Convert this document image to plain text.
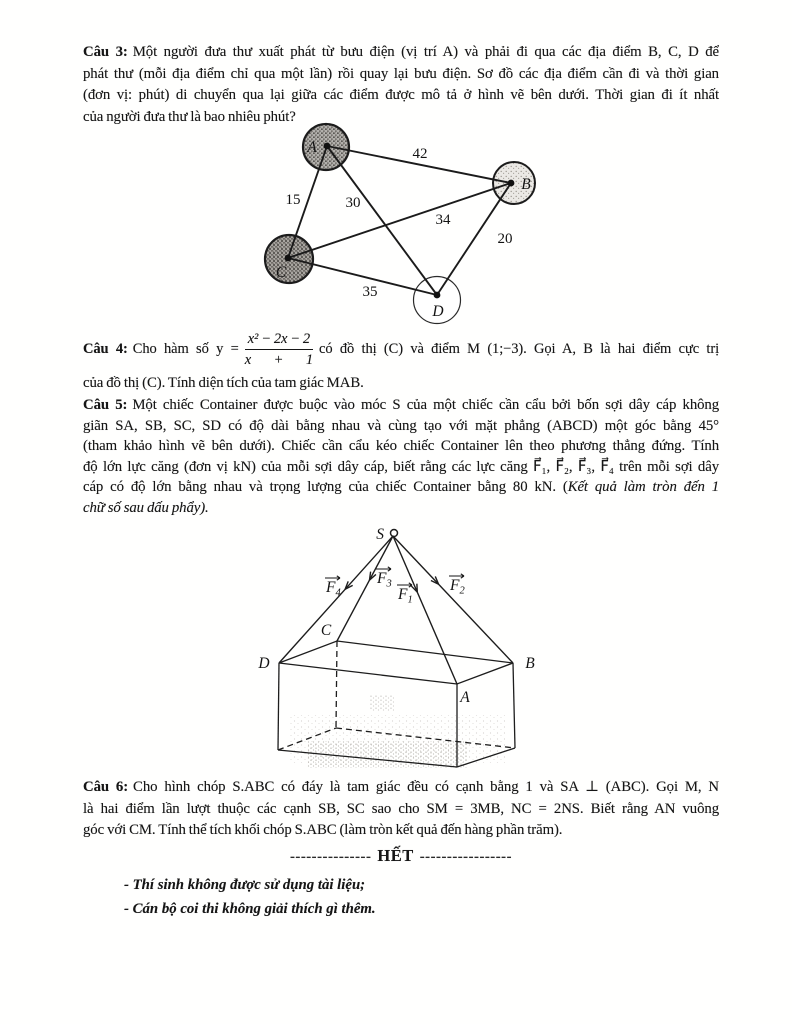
Câu 3: Một người đưa thư xuất phát từ bưu điện (vị trí A) và phải đi qua các địa điểm B, C, D để
phát thư (mỗi địa điểm chỉ qua một lần) rồi quay lại bưu điện. Sơ đồ các địa điểm cần đi và thời gian
(đơn vị: phút) di chuyển qua lại giữa các điểm được mô tả ở hình vẽ bên dưới. Thời gian đi ít nhất
của người đưa thư là bao nhiêu phút?
A
B
C
D
42
15	30
34
20
35
Câu 4: Cho hàm số $y = \frac{\text{x² − 2x − 2}}{x + 1}$ có đồ thị (C) và điểm M (1;−3). Gọi A, B là hai điểm cực trị
của đồ thị (C). Tính diện tích của tam giác MAB.
Câu 5: Một chiếc Container được buộc vào móc S của một chiếc cần cẩu bởi bốn sợi dây cáp không
giãn SA, SB, SC, SD có độ dài bằng nhau và cùng tạo với mặt phẳng (ABCD) một góc bằng 45°
(tham khảo hình vẽ bên dưới). Chiếc cần cẩu kéo chiếc Container lên theo phương thẳng đứng. Tính
độ lớn lực căng (đơn vị kN) của mỗi sợi dây cáp, biết rằng các lực căng F⃗₁, F⃗₂, F⃗₃, F⃗₄ trên mỗi sợi dây
cáp có độ lớn bằng nhau và trọng lượng của chiếc Container bằng 80 kN. (Kết quả làm tròn đến 1
chữ số sau dấu phẩy).
S
$F_4$
$F_3$
$F_1$
$F_2$
A
B
C
D
Câu 6: Cho hình chóp S.ABC có đáy là tam giác đều có cạnh bằng 1 và SA ⊥ (ABC). Gọi M, N
là hai điểm lần lượt thuộc các cạnh SB, SC sao cho SM = 3MB, NC = 2NS. Biết rằng AN vuông
góc với CM. Tính thể tích khối chóp S.ABC (làm tròn kết quả đến hàng phần trăm).
--------------- HẾT -----------------
- Thí sinh không được sử dụng tài liệu;
- Cán bộ coi thi không giải thích gì thêm.
